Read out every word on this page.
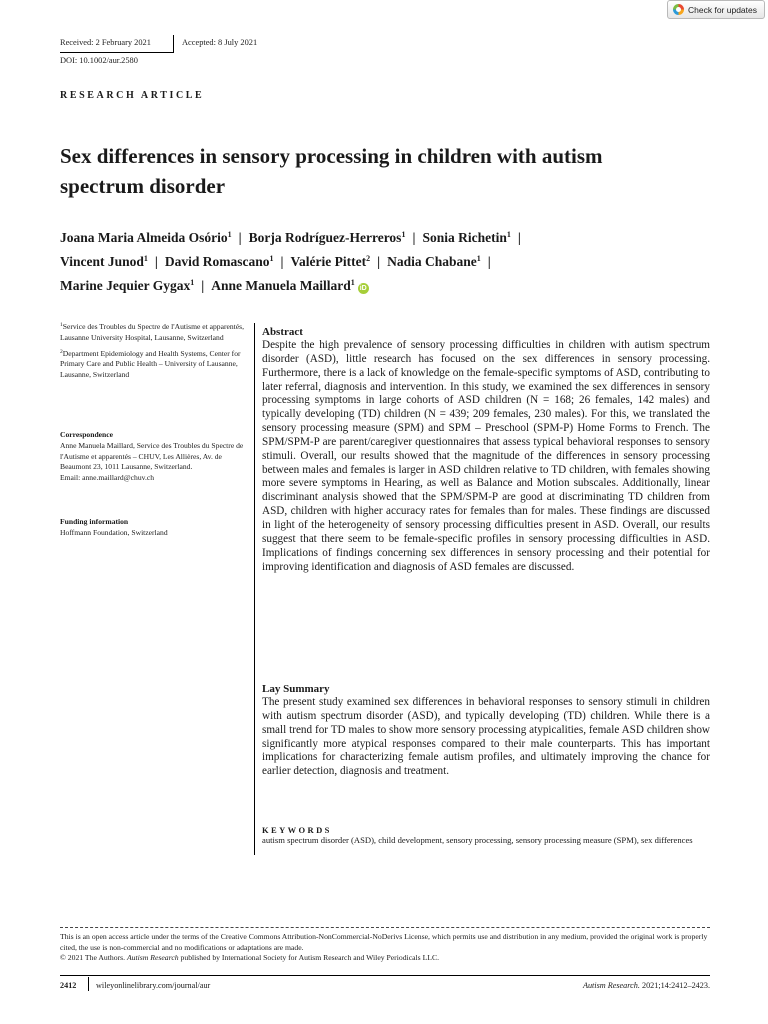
Check for updates
Received: 2 February 2021	Accepted: 8 July 2021
DOI: 10.1002/aur.2580
RESEARCH ARTICLE
Sex differences in sensory processing in children with autism
spectrum disorder
Joana Maria Almeida Osório$^1$ | Borja Rodríguez-Herreros$^1$ | Sonia Richetin$^1$ |
Vincent Junod$^1$ | David Romascano$^1$ | Valérie Pittet$^2$ | Nadia Chabane$^1$ |
Marine Jequier Gygax$^1$ | Anne Manuela Maillard$^1$iD

$^1$Service des Troubles du Spectre de l'Autisme et apparentés, Lausanne University Hospital, Lausanne, Switzerland

$^2$Department Epidemiology and Health Systems, Center for Primary Care and Public Health – University of Lausanne, Lausanne, Switzerland

Correspondence
Anne Manuela Maillard, Service des Troubles du Spectre de l'Autisme et apparentés – CHUV, Les Allières, Av. de Beaumont 23, 1011 Lausanne, Switzerland.
Email: anne.maillard@chuv.ch
Funding information
Hoffmann Foundation, Switzerland
Abstract

Despite the high prevalence of sensory processing difficulties in children with autism spectrum disorder (ASD), little research has focused on the sex differences in sensory processing. Furthermore, there is a lack of knowledge on the female-specific symptoms of ASD, contributing to later referral, diagnosis and intervention. In this study, we examined the sex differences in sensory processing symptoms in large cohorts of ASD children (N = 168; 26 females, 142 males) and typically developing (TD) children (N = 439; 209 females, 230 males). For this, we translated the sensory processing measure (SPM) and SPM – Preschool (SPM-P) Home Forms to French. The SPM/SPM-P are parent/caregiver questionnaires that assess typical behavioral responses to sensory stimuli. Overall, our results showed that the magnitude of the differences in sensory processing between males and females is larger in ASD children relative to TD children, with females showing more severe symptoms in Hearing, as well as Balance and Motion subscales. Additionally, linear discriminant analysis showed that the SPM/SPM-P are good at discriminating TD children from ASD, children with higher accuracy rates for females than for males. These findings are discussed in light of the heterogeneity of sensory processing difficulties present in ASD. Overall, our results suggest that there seem to be female-specific profiles in sensory processing difficulties in ASD. Implications of findings concerning sex differences in sensory processing and their potential for improving identification and diagnosis of ASD females are discussed.

Lay Summary

The present study examined sex differences in behavioral responses to sensory stimuli in children with autism spectrum disorder (ASD), and typically developing (TD) children. While there is a small trend for TD males to show more sensory processing atypicalities, female ASD children show significantly more atypical responses compared to their male counterparts. This has important implications for characterizing female autism profiles, and ultimately improving the chance for earlier detection, diagnosis and treatment.

KEYWORDS
autism spectrum disorder (ASD), child development, sensory processing, sensory processing measure (SPM), sex differences
This is an open access article under the terms of the Creative Commons Attribution-NonCommercial-NoDerivs License, which permits use and distribution in any medium, provided the original work is properly cited, the use is non-commercial and no modifications or adaptations are made.
© 2021 The Authors. Autism Research published by International Society for Autism Research and Wiley Periodicals LLC.
2412 wileyonlinelibrary.com/journal/aur	Autism Research. 2021;14:2412–2423.
